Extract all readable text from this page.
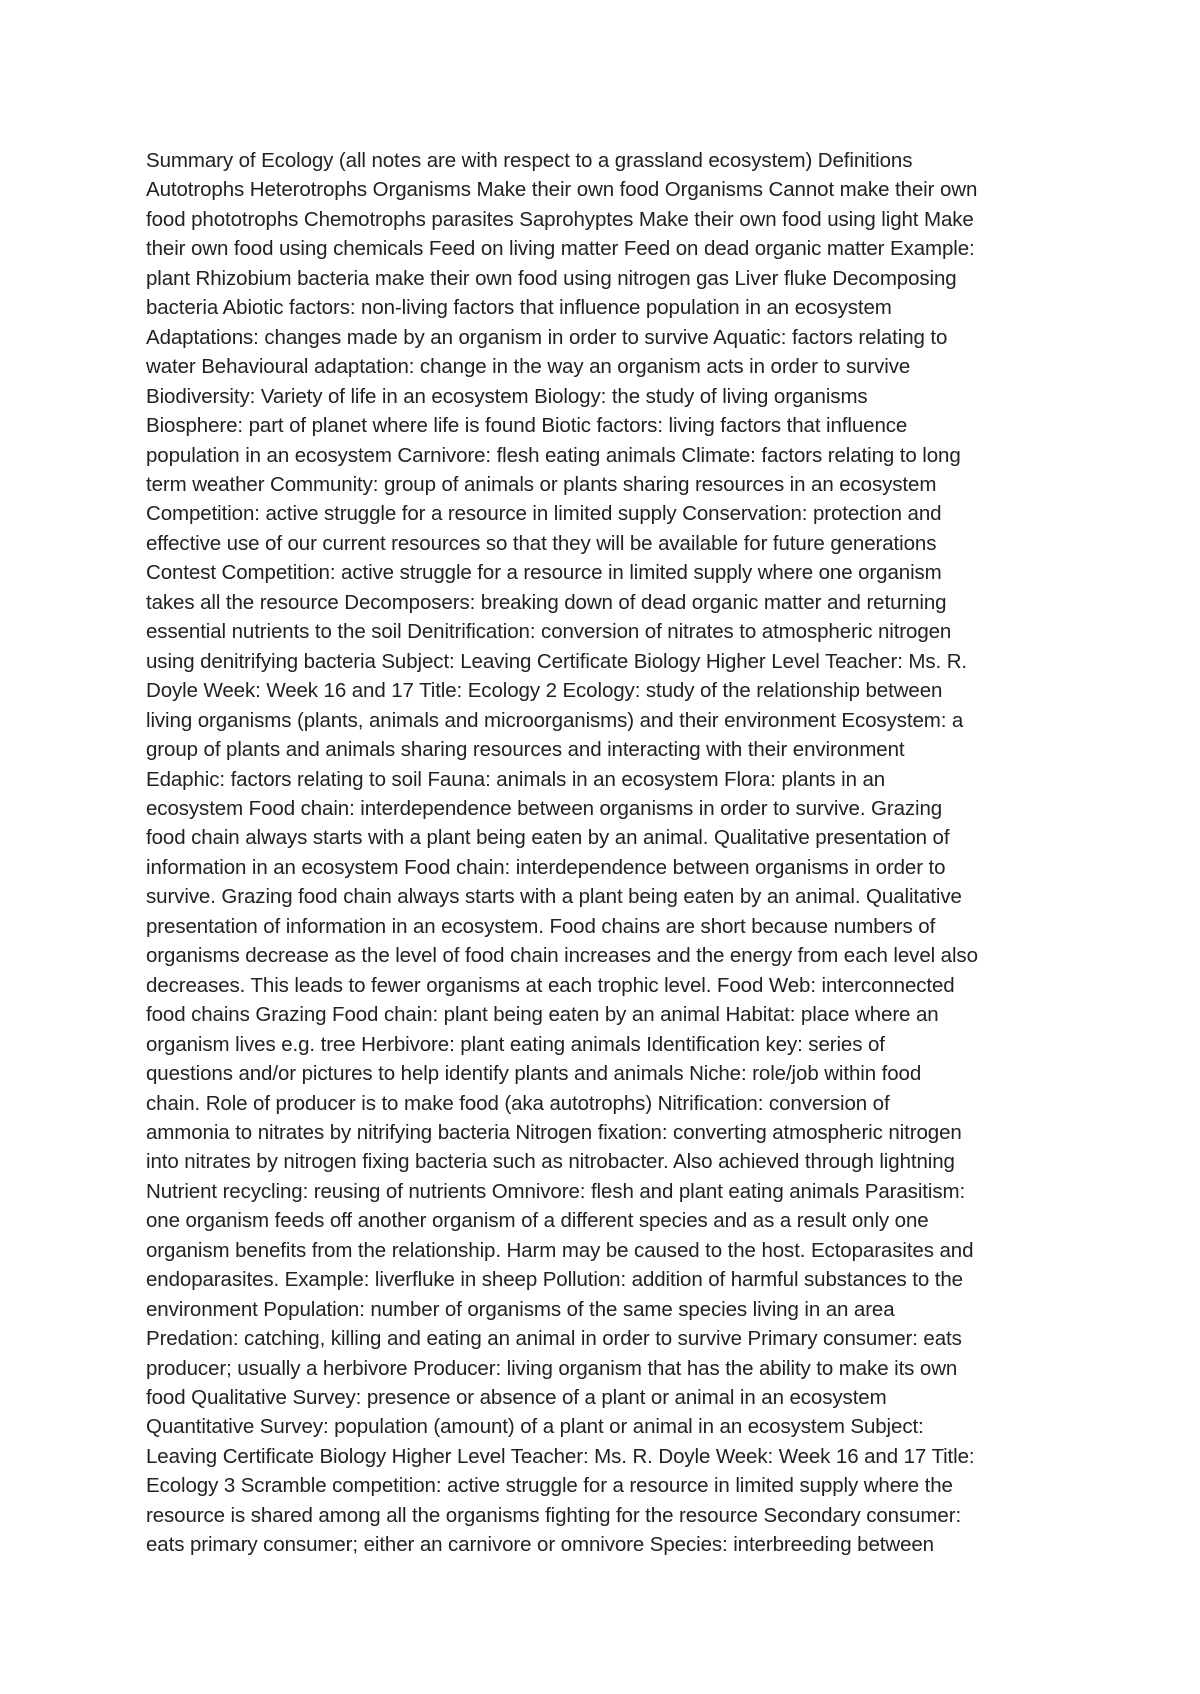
Summary of Ecology (all notes are with respect to a grassland ecosystem) Definitions
Autotrophs Heterotrophs Organisms Make their own food Organisms Cannot make their own
food phototrophs Chemotrophs parasites Saprohyptes Make their own food using light Make
their own food using chemicals Feed on living matter Feed on dead organic matter Example:
plant Rhizobium bacteria make their own food using nitrogen gas Liver fluke Decomposing
bacteria Abiotic factors: non-living factors that influence population in an ecosystem
Adaptations: changes made by an organism in order to survive Aquatic: factors relating to
water Behavioural adaptation: change in the way an organism acts in order to survive
Biodiversity: Variety of life in an ecosystem Biology: the study of living organisms
Biosphere: part of planet where life is found Biotic factors: living factors that influence
population in an ecosystem Carnivore: flesh eating animals Climate: factors relating to long
term weather Community: group of animals or plants sharing resources in an ecosystem
Competition: active struggle for a resource in limited supply Conservation: protection and
effective use of our current resources so that they will be available for future generations
Contest Competition: active struggle for a resource in limited supply where one organism
takes all the resource Decomposers: breaking down of dead organic matter and returning
essential nutrients to the soil Denitrification: conversion of nitrates to atmospheric nitrogen
using denitrifying bacteria Subject: Leaving Certificate Biology Higher Level Teacher: Ms. R.
Doyle Week: Week 16 and 17 Title: Ecology 2 Ecology: study of the relationship between
living organisms (plants, animals and microorganisms) and their environment Ecosystem: a
group of plants and animals sharing resources and interacting with their environment
Edaphic: factors relating to soil Fauna: animals in an ecosystem Flora: plants in an
ecosystem Food chain: interdependence between organisms in order to survive. Grazing
food chain always starts with a plant being eaten by an animal. Qualitative presentation of
information in an ecosystem Food chain: interdependence between organisms in order to
survive. Grazing food chain always starts with a plant being eaten by an animal. Qualitative
presentation of information in an ecosystem. Food chains are short because numbers of
organisms decrease as the level of food chain increases and the energy from each level also
decreases. This leads to fewer organisms at each trophic level. Food Web: interconnected
food chains Grazing Food chain: plant being eaten by an animal Habitat: place where an
organism lives e.g. tree Herbivore: plant eating animals Identification key: series of
questions and/or pictures to help identify plants and animals Niche: role/job within food
chain. Role of producer is to make food (aka autotrophs) Nitrification: conversion of
ammonia to nitrates by nitrifying bacteria Nitrogen fixation: converting atmospheric nitrogen
into nitrates by nitrogen fixing bacteria such as nitrobacter. Also achieved through lightning
Nutrient recycling: reusing of nutrients Omnivore: flesh and plant eating animals Parasitism:
one organism feeds off another organism of a different species and as a result only one
organism benefits from the relationship. Harm may be caused to the host. Ectoparasites and
endoparasites. Example: liverfluke in sheep Pollution: addition of harmful substances to the
environment Population: number of organisms of the same species living in an area
Predation: catching, killing and eating an animal in order to survive Primary consumer: eats
producer; usually a herbivore Producer: living organism that has the ability to make its own
food Qualitative Survey: presence or absence of a plant or animal in an ecosystem
Quantitative Survey: population (amount) of a plant or animal in an ecosystem Subject:
Leaving Certificate Biology Higher Level Teacher: Ms. R. Doyle Week: Week 16 and 17 Title:
Ecology 3 Scramble competition: active struggle for a resource in limited supply where the
resource is shared among all the organisms fighting for the resource Secondary consumer:
eats primary consumer; either an carnivore or omnivore Species: interbreeding between
